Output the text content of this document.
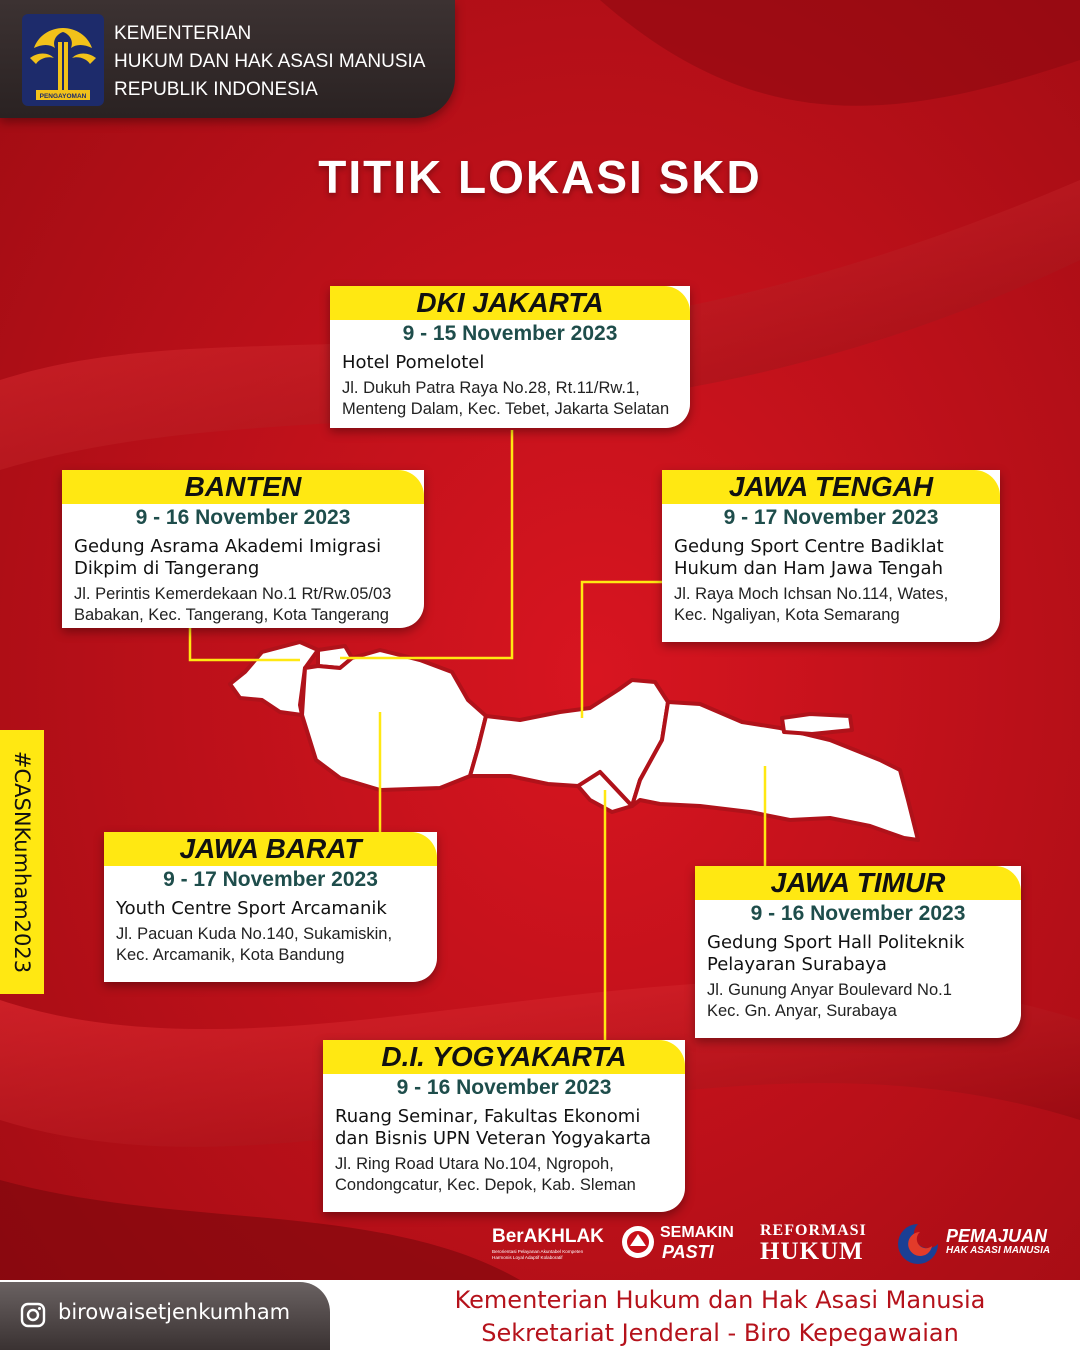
PENGAYOMAN
KEMENTERIAN
HUKUM DAN HAK ASASI MANUSIA
REPUBLIK INDONESIA
TITIK LOKASI SKD
DKI JAKARTA
9 - 15 November 2023
Hotel Pomelotel
Jl. Dukuh Patra Raya No.28, Rt.11/Rw.1,
Menteng Dalam, Kec. Tebet, Jakarta Selatan
BANTEN
9 - 16 November 2023
Gedung Asrama Akademi Imigrasi
Dikpim di Tangerang
Jl. Perintis Kemerdekaan No.1 Rt/Rw.05/03
Babakan, Kec. Tangerang, Kota Tangerang
JAWA TENGAH
9 - 17 November 2023
Gedung Sport Centre Badiklat
Hukum dan Ham Jawa Tengah
Jl. Raya Moch Ichsan No.114, Wates,
Kec. Ngaliyan, Kota Semarang
JAWA BARAT
9 - 17 November 2023
Youth Centre Sport Arcamanik
Jl. Pacuan Kuda No.140, Sukamiskin,
Kec. Arcamanik, Kota Bandung
JAWA TIMUR
9 - 16 November 2023
Gedung Sport Hall Politeknik
Pelayaran Surabaya
Jl. Gunung Anyar Boulevard No.1
Kec. Gn. Anyar, Surabaya
D.I. YOGYAKARTA
9 - 16 November 2023
Ruang Seminar, Fakultas Ekonomi
dan Bisnis UPN Veteran Yogyakarta
Jl. Ring Road Utara No.104, Ngropoh,
Condongcatur, Kec. Depok, Kab. Sleman
#CASNKumham2023
BerAKHLAK
Berorientasi Pelayanan Akuntabel Kompeten
Harmonis Loyal Adaptif Kolaboratif
SEMAKIN
PASTI
REFORMASI
HUKUM
PEMAJUAN
HAK ASASI MANUSIA
birowaisetjenkumham	Kementerian Hukum dan Hak Asasi Manusia
Sekretariat Jenderal - Biro Kepegawaian
